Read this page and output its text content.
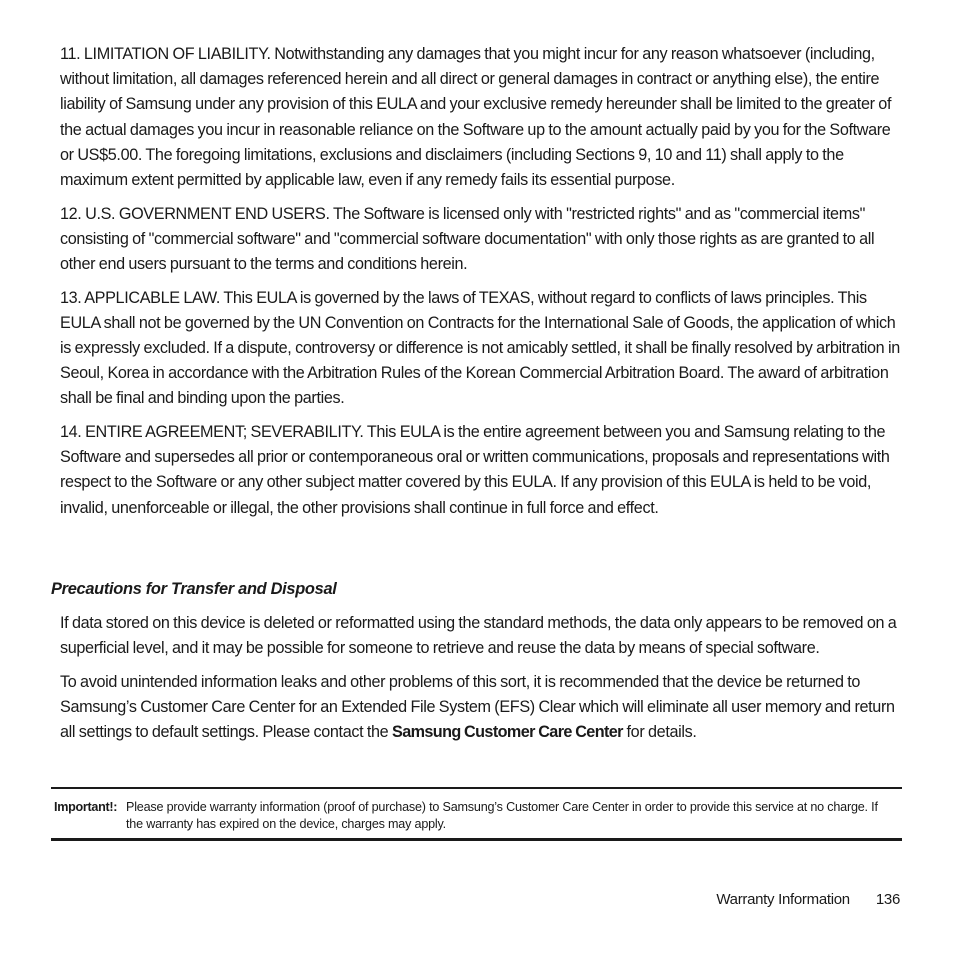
11. LIMITATION OF LIABILITY. Notwithstanding any damages that you might incur for any reason whatsoever (including, without limitation, all damages referenced herein and all direct or general damages in contract or anything else), the entire liability of Samsung under any provision of this EULA and your exclusive remedy hereunder shall be limited to the greater of the actual damages you incur in reasonable reliance on the Software up to the amount actually paid by you for the Software or US$5.00. The foregoing limitations, exclusions and disclaimers (including Sections 9, 10 and 11) shall apply to the maximum extent permitted by applicable law, even if any remedy fails its essential purpose.

12. U.S. GOVERNMENT END USERS. The Software is licensed only with "restricted rights" and as "commercial items" consisting of "commercial software" and "commercial software documentation" with only those rights as are granted to all other end users pursuant to the terms and conditions herein.

13. APPLICABLE LAW. This EULA is governed by the laws of TEXAS, without regard to conflicts of laws principles. This EULA shall not be governed by the UN Convention on Contracts for the International Sale of Goods, the application of which is expressly excluded. If a dispute, controversy or difference is not amicably settled, it shall be finally resolved by arbitration in Seoul, Korea in accordance with the Arbitration Rules of the Korean Commercial Arbitration Board. The award of arbitration shall be final and binding upon the parties.

14. ENTIRE AGREEMENT; SEVERABILITY. This EULA is the entire agreement between you and Samsung relating to the Software and supersedes all prior or contemporaneous oral or written communications, proposals and representations with respect to the Software or any other subject matter covered by this EULA. If any provision of this EULA is held to be void, invalid, unenforceable or illegal, the other provisions shall continue in full force and effect.

Precautions for Transfer and Disposal

If data stored on this device is deleted or reformatted using the standard methods, the data only appears to be removed on a superficial level, and it may be possible for someone to retrieve and reuse the data by means of special software.

To avoid unintended information leaks and other problems of this sort, it is recommended that the device be returned to Samsung’s Customer Care Center for an Extended File System (EFS) Clear which will eliminate all user memory and return all settings to default settings. Please contact the Samsung Customer Care Center for details.

Important!: Please provide warranty information (proof of purchase) to Samsung’s Customer Care Center in order to provide this service at no charge. If the warranty has expired on the device, charges may apply.
Warranty Information 136
